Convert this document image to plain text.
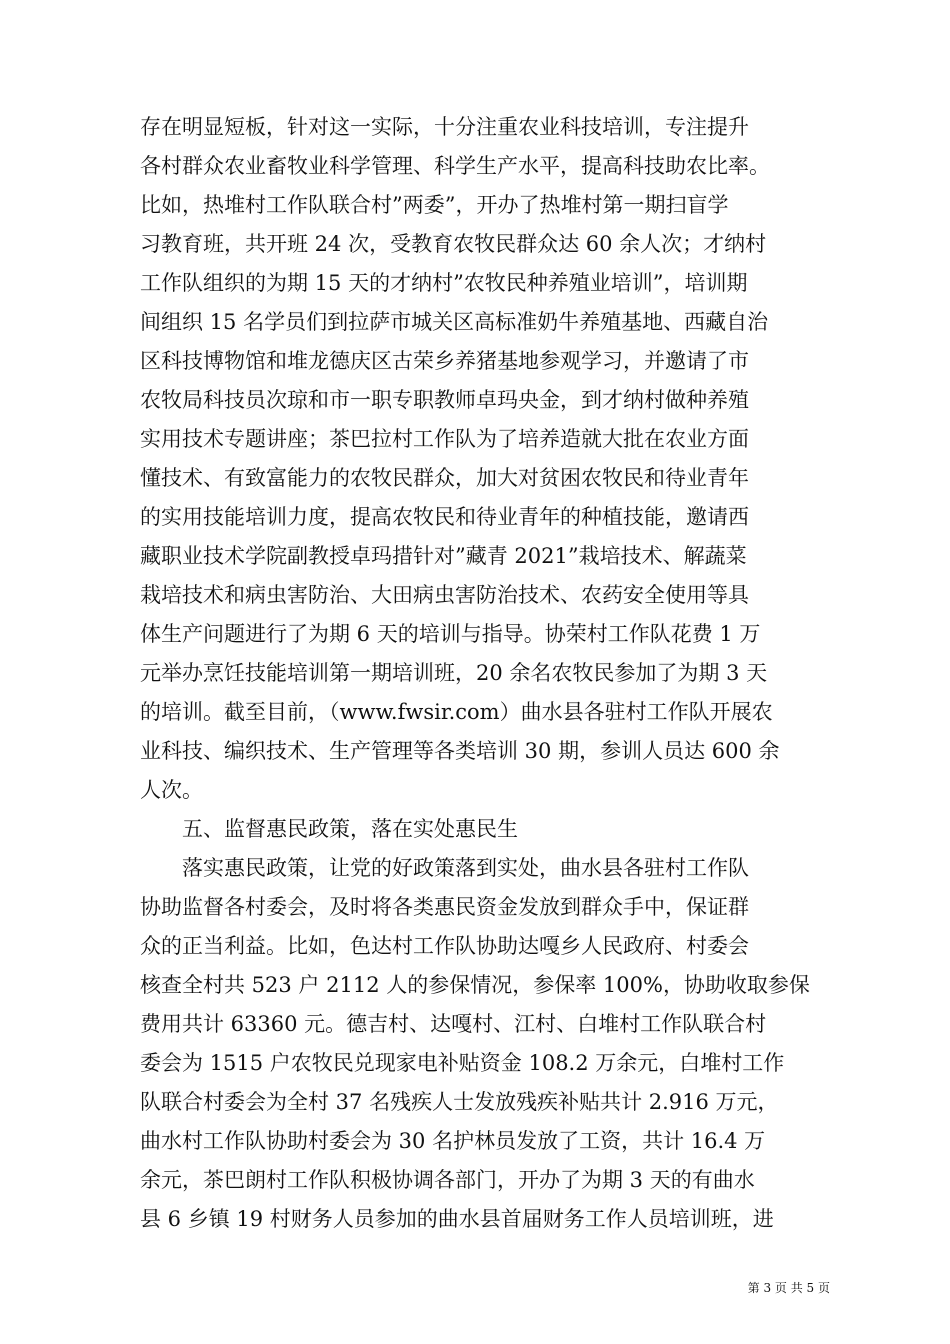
存在明显短板，针对这一实际，十分注重农业科技培训，专注提升
各村群众农业畜牧业科学管理、科学生产水平，提高科技助农比率。
比如，热堆村工作队联合村”两委”，开办了热堆村第一期扫盲学
习教育班，共开班 24 次，受教育农牧民群众达 60 余人次；才纳村
工作队组织的为期 15 天的才纳村”农牧民种养殖业培训”，培训期
间组织 15 名学员们到拉萨市城关区高标准奶牛养殖基地、西藏自治
区科技博物馆和堆龙德庆区古荣乡养猪基地参观学习，并邀请了市
农牧局科技员次琼和市一职专职教师卓玛央金，到才纳村做种养殖
实用技术专题讲座；茶巴拉村工作队为了培养造就大批在农业方面
懂技术、有致富能力的农牧民群众，加大对贫困农牧民和待业青年
的实用技能培训力度，提高农牧民和待业青年的种植技能，邀请西
藏职业技术学院副教授卓玛措针对”藏青 2021”栽培技术、解蔬菜
栽培技术和病虫害防治、大田病虫害防治技术、农药安全使用等具
体生产问题进行了为期 6 天的培训与指导。协荣村工作队花费 1 万
元举办烹饪技能培训第一期培训班，20 余名农牧民参加了为期 3 天
的培训。截至目前，（www.fwsir.com）曲水县各驻村工作队开展农
业科技、编织技术、生产管理等各类培训 30 期，参训人员达 600 余
人次。
五、监督惠民政策，落在实处惠民生
落实惠民政策，让党的好政策落到实处，曲水县各驻村工作队
协助监督各村委会，及时将各类惠民资金发放到群众手中，保证群
众的正当利益。比如，色达村工作队协助达嘎乡人民政府、村委会
核查全村共 523 户 2112 人的参保情况，参保率 100%，协助收取参保
费用共计 63360 元。德吉村、达嘎村、江村、白堆村工作队联合村
委会为 1515 户农牧民兑现家电补贴资金 108.2 万余元，白堆村工作
队联合村委会为全村 37 名残疾人士发放残疾补贴共计 2.916 万元，
曲水村工作队协助村委会为 30 名护林员发放了工资，共计 16.4 万
余元，茶巴朗村工作队积极协调各部门，开办了为期 3 天的有曲水
县 6 乡镇 19 村财务人员参加的曲水县首届财务工作人员培训班，进
第 3 页 共 5 页
